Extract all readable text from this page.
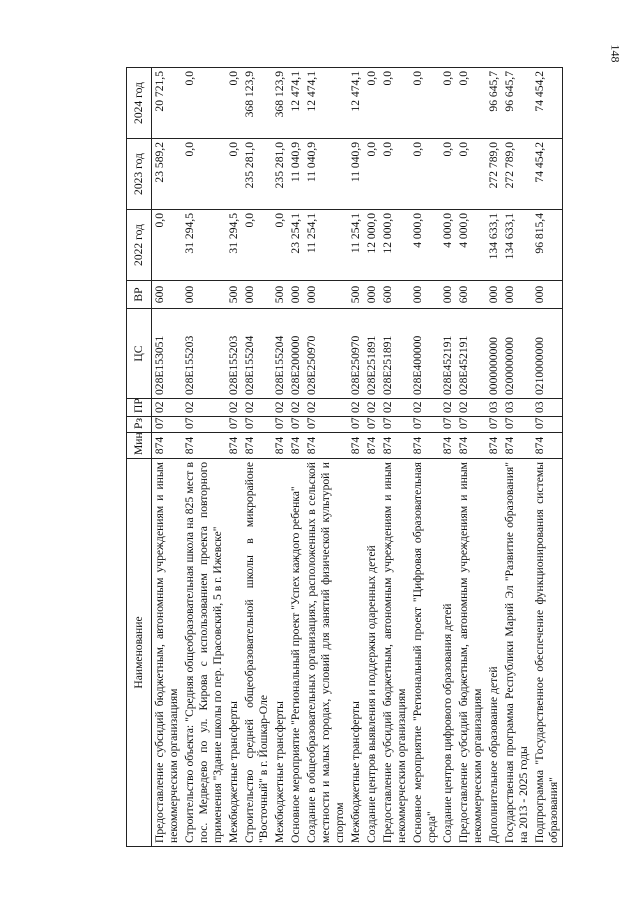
148
Наименование	Мин	Рз	ПР	ЦС	ВР	2022 год	2023 год	2024 год
Предоставление субсидий бюджетным, автономным учреждениям и иным некоммерческим организациям	874	07	02	028E153051	600	0,0	23 589,2	20 721,5

Строительство объекта: "Средняя общеобразовательная школа на 825 мест в пос. Медведево по ул. Кирова с использованием проекта повторного применения "Здание школы по пер. Прасовский, 5 в г. Ижевске"	874	07	02	028E155203	000	31 294,5	0,0	0,0

Межбюджетные трансферты	874	07	02	028E155203	500	31 294,5	0,0	0,0

Строительство средней общеобразовательной школы в микрорайоне "Восточный" в г. Йошкар-Оле	874	07	02	028E155204	000	0,0	235 281,0	368 123,9

Межбюджетные трансферты	874	07	02	028E155204	500	0,0	235 281,0	368 123,9

Основное мероприятие "Региональный проект "Успех каждого ребенка"	874	07	02	028E200000	000	23 254,1	11 040,9	12 474,1

Создание в общеобразовательных организациях, расположенных в сельской местности и малых городах, условий для занятий физической культурой и спортом	874	07	02	028E250970	000	11 254,1	11 040,9	12 474,1

Межбюджетные трансферты	874	07	02	028E250970	500	11 254,1	11 040,9	12 474,1

Создание центров выявления и поддержки одаренных детей	874	07	02	028E251891	000	12 000,0	0,0	0,0

Предоставление субсидий бюджетным, автономным учреждениям и иным некоммерческим организациям	874	07	02	028E251891	600	12 000,0	0,0	0,0

Основное мероприятие "Региональный проект "Цифровая образовательная среда"	874	07	02	028E400000	000	4 000,0	0,0	0,0

Создание центров цифрового образования детей	874	07	02	028E452191	000	4 000,0	0,0	0,0

Предоставление субсидий бюджетным, автономным учреждениям и иным некоммерческим организациям	874	07	02	028E452191	600	4 000,0	0,0	0,0

Дополнительное образование детей	874	07	03	0000000000	000	134 633,1	272 789,0	96 645,7

Государственная программа Республики Марий Эл "Развитие образования" на 2013 - 2025 годы	874	07	03	0200000000	000	134 633,1	272 789,0	96 645,7

Подпрограмма "Государственное обеспечение функционирования системы образования"	874	07	03	0210000000	000	96 815,4	74 454,2	74 454,2
